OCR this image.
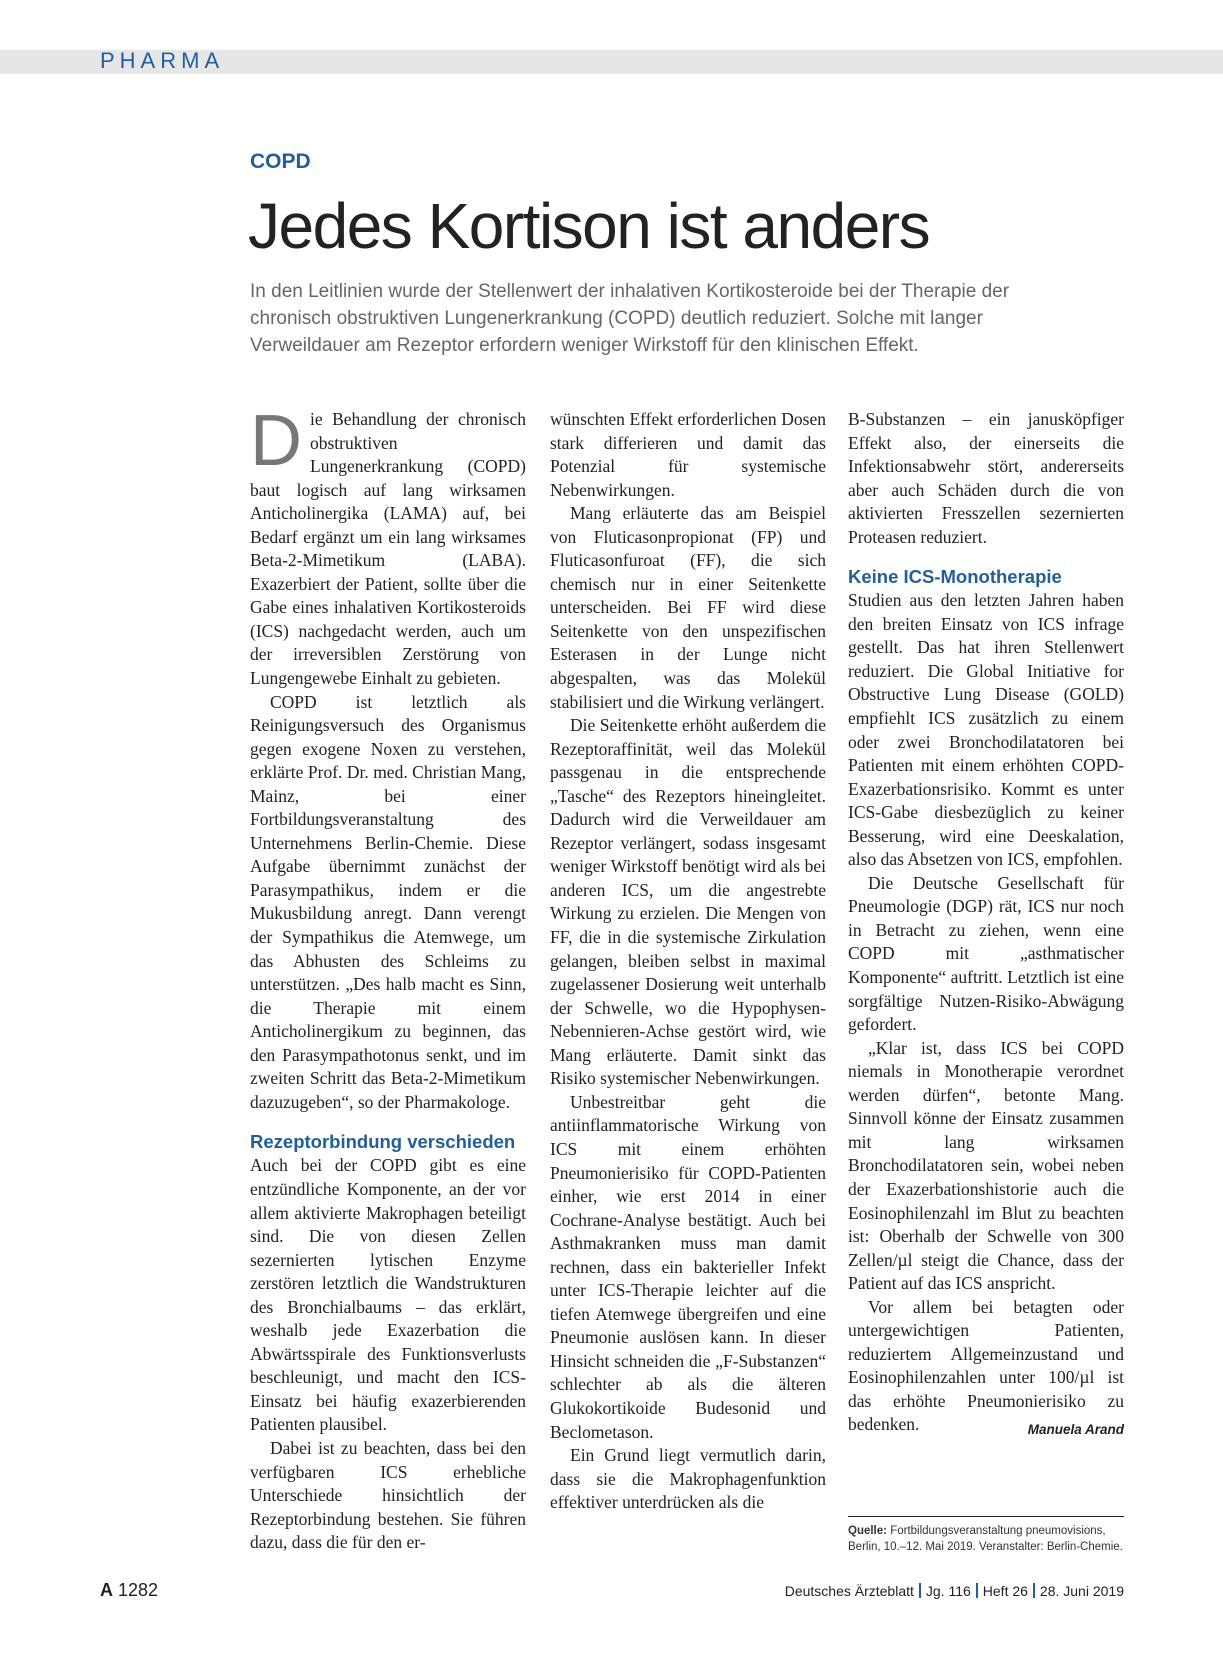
PHARMA
COPD
Jedes Kortison ist anders
In den Leitlinien wurde der Stellenwert der inhalativen Kortikosteroide bei der Therapie der chronisch obstruktiven Lungenerkrankung (COPD) deutlich reduziert. Solche mit langer Verweildauer am Rezeptor erfordern weniger Wirkstoff für den klinischen Effekt.

Die Behandlung der chronisch obstruktiven Lungenerkrankung (COPD) baut logisch auf lang wirksamen Anticholinergika (LAMA) auf, bei Bedarf ergänzt um ein lang wirksames Beta-2-Mimetikum (LABA). Exazerbiert der Patient, sollte über die Gabe eines inhalativen Kortikosteroids (ICS) nachgedacht werden, auch um der irreversiblen Zerstörung von Lungengewebe Einhalt zu gebieten.

COPD ist letztlich als Reinigungsversuch des Organismus gegen exogene Noxen zu verstehen, erklärte Prof. Dr. med. Christian Mang, Mainz, bei einer Fortbildungsveranstaltung des Unternehmens Berlin-Chemie. Diese Aufgabe übernimmt zunächst der Parasympathikus, indem er die Mukusbildung anregt. Dann verengt der Sympathikus die Atemwege, um das Abhusten des Schleims zu unterstützen. „Des halb macht es Sinn, die Therapie mit einem Anticholinergikum zu beginnen, das den Parasympathotonus senkt, und im zweiten Schritt das Beta-2-Mimetikum dazuzugeben“, so der Pharmakologe.

Rezeptorbindung verschieden

Auch bei der COPD gibt es eine entzündliche Komponente, an der vor allem aktivierte Makrophagen beteiligt sind. Die von diesen Zellen sezernierten lytischen Enzyme zerstören letztlich die Wandstrukturen des Bronchialbaums – das erklärt, weshalb jede Exazerbation die Abwärtsspirale des Funktionsverlusts beschleunigt, und macht den ICS-Einsatz bei häufig exazerbierenden Patienten plausibel.

Dabei ist zu beachten, dass bei den verfügbaren ICS erhebliche Unterschiede hinsichtlich der Rezeptorbindung bestehen. Sie führen dazu, dass die für den er-

wünschten Effekt erforderlichen Dosen stark differieren und damit das Potenzial für systemische Nebenwirkungen.

Mang erläuterte das am Beispiel von Fluticasonpropionat (FP) und Fluticasonfuroat (FF), die sich chemisch nur in einer Seitenkette unterscheiden. Bei FF wird diese Seitenkette von den unspezifischen Esterasen in der Lunge nicht abgespalten, was das Molekül stabilisiert und die Wirkung verlängert.

Die Seitenkette erhöht außerdem die Rezeptoraffinität, weil das Molekül passgenau in die entsprechende „Tasche“ des Rezeptors hineingleitet. Dadurch wird die Verweildauer am Rezeptor verlängert, sodass insgesamt weniger Wirkstoff benötigt wird als bei anderen ICS, um die angestrebte Wirkung zu erzielen. Die Mengen von FF, die in die systemische Zirkulation gelangen, bleiben selbst in maximal zugelassener Dosierung weit unterhalb der Schwelle, wo die Hypophysen-Nebennieren-Achse gestört wird, wie Mang erläuterte. Damit sinkt das Risiko systemischer Nebenwirkungen.

Unbestreitbar geht die antiinflammatorische Wirkung von ICS mit einem erhöhten Pneumonierisiko für COPD-Patienten einher, wie erst 2014 in einer Cochrane-Analyse bestätigt. Auch bei Asthmakranken muss man damit rechnen, dass ein bakterieller Infekt unter ICS-Therapie leichter auf die tiefen Atemwege übergreifen und eine Pneumonie auslösen kann. In dieser Hinsicht schneiden die „F-Substanzen“ schlechter ab als die älteren Glukokortikoide Budesonid und Beclometason.

Ein Grund liegt vermutlich darin, dass sie die Makrophagenfunktion effektiver unterdrücken als die

B-Substanzen – ein janusköpfiger Effekt also, der einerseits die Infektionsabwehr stört, andererseits aber auch Schäden durch die von aktivierten Fresszellen sezernierten Proteasen reduziert.

Keine ICS-Monotherapie

Studien aus den letzten Jahren haben den breiten Einsatz von ICS infrage gestellt. Das hat ihren Stellenwert reduziert. Die Global Initiative for Obstructive Lung Disease (GOLD) empfiehlt ICS zusätzlich zu einem oder zwei Bronchodilatatoren bei Patienten mit einem erhöhten COPD-Exazerbationsrisiko. Kommt es unter ICS-Gabe diesbezüglich zu keiner Besserung, wird eine Deeskalation, also das Absetzen von ICS, empfohlen.

Die Deutsche Gesellschaft für Pneumologie (DGP) rät, ICS nur noch in Betracht zu ziehen, wenn eine COPD mit „asthmatischer Komponente“ auftritt. Letztlich ist eine sorgfältige Nutzen-Risiko-Abwägung gefordert.

„Klar ist, dass ICS bei COPD niemals in Monotherapie verordnet werden dürfen“, betonte Mang. Sinnvoll könne der Einsatz zusammen mit lang wirksamen Bronchodilatatoren sein, wobei neben der Exazerbationshistorie auch die Eosinophilenzahl im Blut zu beachten ist: Oberhalb der Schwelle von 300 Zellen/µl steigt die Chance, dass der Patient auf das ICS anspricht.

Vor allem bei betagten oder untergewichtigen Patienten, reduziertem Allgemeinzustand und Eosinophilenzahlen unter 100/µl ist das erhöhte Pneumonierisiko zu bedenken.	Manuela Arand

Quelle: Fortbildungsveranstaltung pneumovisions, Berlin, 10.–12. Mai 2019. Veranstalter: Berlin-Chemie.
A 1282	Deutsches Ärzteblatt Jg. 116 Heft 26 28. Juni 2019
